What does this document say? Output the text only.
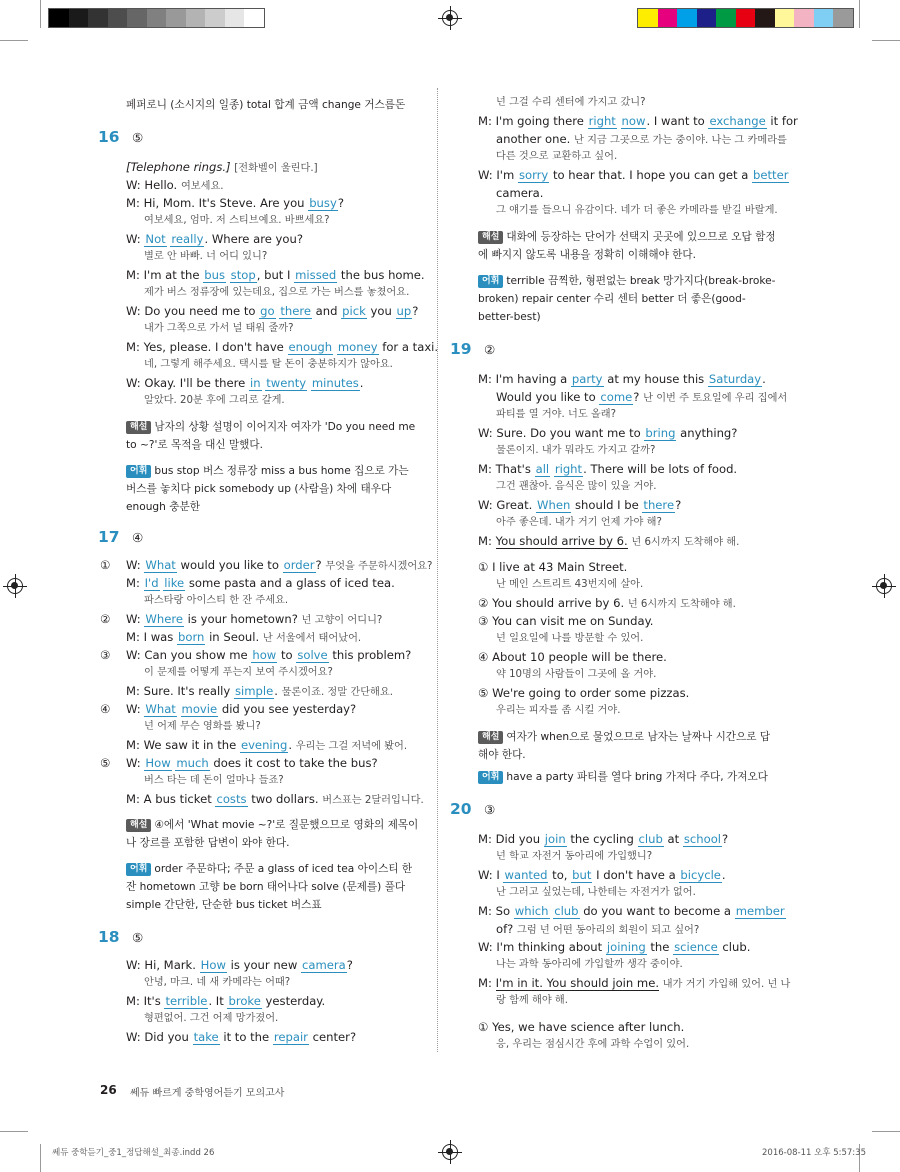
페퍼로니 (소시지의 일종) total 합계 금액 change 거스름돈
16 ⑤
[Telephone rings.] [전화벨이 울린다.]
W: Hello. 여보세요.
M: Hi, Mom. It's Steve. Are you busy?
여보세요, 엄마. 저 스티브예요. 바쁘세요?
W: Not really. Where are you?
별로 안 바빠. 너 어디 있니?
M: I'm at the bus stop, but I missed the bus home.
제가 버스 정류장에 있는데요, 집으로 가는 버스를 놓쳤어요.
W: Do you need me to go there and pick you up?
내가 그쪽으로 가서 널 태워 줄까?
M: Yes, please. I don't have enough money for a taxi.
네, 그렇게 해주세요. 택시를 탈 돈이 충분하지가 않아요.
W: Okay. I'll be there in twenty minutes.
알았다. 20분 후에 그리로 갈게.
해설 남자의 상황 설명이 이어지자 여자가 'Do you need me to ~?'로 목적을 대신 말했다.
어휘 bus stop 버스 정류장 miss a bus home 집으로 가는 버스를 놓치다 pick somebody up (사람을) 차에 태우다 enough 충분한
17 ④
① W: What would you like to order? 무엇을 주문하시겠어요?
M: I'd like some pasta and a glass of iced tea.
파스타랑 아이스티 한 잔 주세요.
② W: Where is your hometown? 넌 고향이 어디니?
M: I was born in Seoul. 난 서울에서 태어났어.
③ W: Can you show me how to solve this problem?
이 문제를 어떻게 푸는지 보여 주시겠어요?
M: Sure. It's really simple. 물론이죠. 정말 간단해요.
④ W: What movie did you see yesterday?
넌 어제 무슨 영화를 봤니?
M: We saw it in the evening. 우리는 그걸 저녁에 봤어.
⑤ W: How much does it cost to take the bus?
버스 타는 데 돈이 얼마나 들죠?
M: A bus ticket costs two dollars. 버스표는 2달러입니다.
해설 ④에서 'What movie ~?'로 질문했으므로 영화의 제목이나 장르를 포함한 답변이 와야 한다.
어휘 order 주문하다; 주문 a glass of iced tea 아이스티 한 잔 hometown 고향 be born 태어나다 solve (문제를) 풀다 simple 간단한, 단순한 bus ticket 버스표
18 ⑤
W: Hi, Mark. How is your new camera?
안녕, 마크. 네 새 카메라는 어때?
M: It's terrible. It broke yesterday.
형편없어. 그건 어제 망가졌어.
W: Did you take it to the repair center?
넌 그걸 수리 센터에 가지고 갔니?
M: I'm going there right now. I want to exchange it for
another one. 난 지금 그곳으로 가는 중이야. 나는 그 카메라를
다른 것으로 교환하고 싶어.
W: I'm sorry to hear that. I hope you can get a better
camera.
그 얘기를 들으니 유감이다. 네가 더 좋은 카메라를 받길 바랄게.
해설 대화에 등장하는 단어가 선택지 곳곳에 있으므로 오답 함정에 빠지지 않도록 내용을 정확히 이해해야 한다.
어휘 terrible 끔찍한, 형편없는 break 망가지다(break-broke-broken) repair center 수리 센터 better 더 좋은(good-better-best)
19 ②
M: I'm having a party at my house this Saturday.
Would you like to come? 난 이번 주 토요일에 우리 집에서
파티를 열 거야. 너도 올래?
W: Sure. Do you want me to bring anything?
물론이지. 내가 뭐라도 가지고 갈까?
M: That's all right. There will be lots of food.
그건 괜찮아. 음식은 많이 있을 거야.
W: Great. When should I be there?
아주 좋은데. 내가 거기 언제 가야 해?
M: You should arrive by 6. 넌 6시까지 도착해야 해.
① I live at 43 Main Street.
난 메인 스트리트 43번지에 살아.
② You should arrive by 6. 넌 6시까지 도착해야 해.
③ You can visit me on Sunday.
넌 일요일에 나를 방문할 수 있어.
④ About 10 people will be there.
약 10명의 사람들이 그곳에 올 거야.
⑤ We're going to order some pizzas.
우리는 피자를 좀 시킬 거야.
해설 여자가 when으로 물었으므로 남자는 날짜나 시간으로 답해야 한다.
어휘 have a party 파티를 열다 bring 가져다 주다, 가져오다
20 ③
M: Did you join the cycling club at school?
넌 학교 자전거 동아리에 가입했니?
W: I wanted to, but I don't have a bicycle.
난 그러고 싶었는데, 나한테는 자전거가 없어.
M: So which club do you want to become a member
of? 그럼 넌 어떤 동아리의 회원이 되고 싶어?
W: I'm thinking about joining the science club.
나는 과학 동아리에 가입할까 생각 중이야.
M: I'm in it. You should join me. 내가 거기 가입해 있어. 넌 나
랑 함께 해야 해.
① Yes, we have science after lunch.
응, 우리는 점심시간 후에 과학 수업이 있어.
26 쎄듀 빠르게 중학영어듣기 모의고사
쎄듀 중학듣기_중1_정답해설_최종.indd 26	2016-08-11 오후 5:57:35
